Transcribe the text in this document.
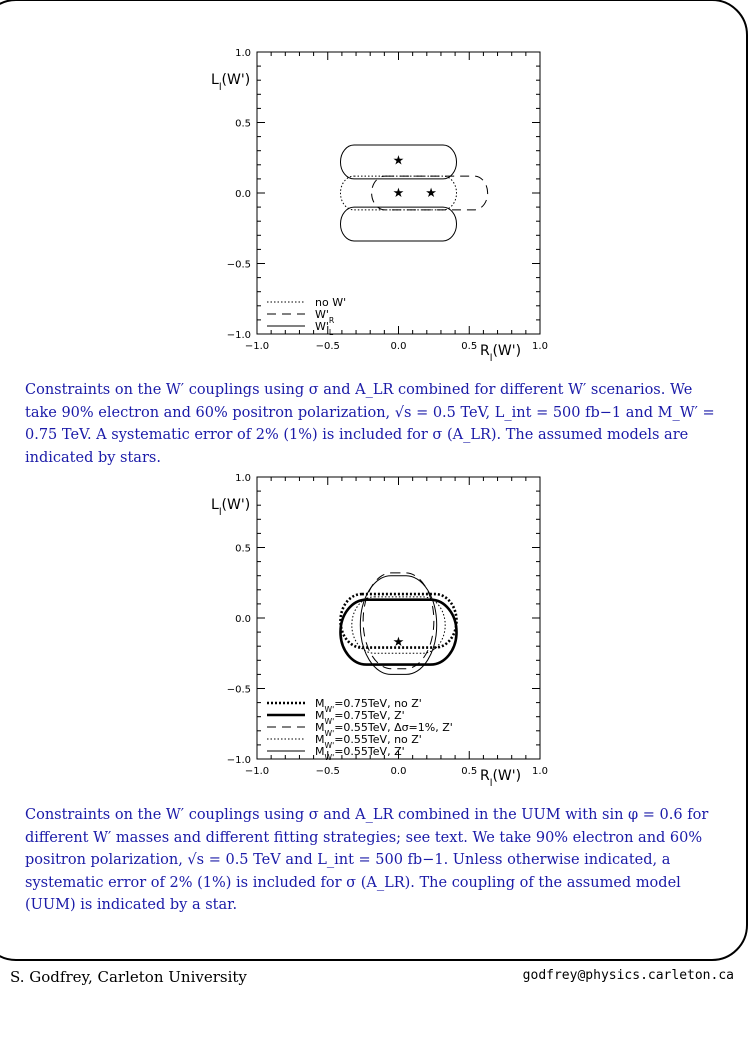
−1.0	−0.5	0.0	0.5	1.0
1.0
0.5
0.0
−0.5
−1.0
$R_l(W')$
$L_l(W')$
★
★ ★
no W'
$W'_R$
$W'_L$

Constraints on the W′ couplings using σ and A_LR combined for different W′ scenarios. We take 90% electron and 60% positron polarization, √s = 0.5 TeV, L_int = 500 fb−1 and M_W′ = 0.75 TeV. A systematic error of 2% (1%) is included for σ (A_LR). The assumed models are indicated by stars.

−1.0	−0.5	0.0	0.5	1.0
1.0
0.5
0.0
−0.5
−1.0
$R_l(W')$
$L_l(W')$
★
$M_{W'}=0.75TeV$, no Z'
$M_{W'}=0.75TeV$, Z'
$M_{W'}=0.55TeV$, Δσ=1%, Z'
$M_{W'}=0.55TeV$, no Z'
$M_{W'}=0.55TeV$, Z'

Constraints on the W′ couplings using σ and A_LR combined in the UUM with sin φ = 0.6 for different W′ masses and different fitting strategies; see text. We take 90% electron and 60% positron polarization, √s = 0.5 TeV and L_int = 500 fb−1. Unless otherwise indicated, a systematic error of 2% (1%) is included for σ (A_LR). The coupling of the assumed model (UUM) is indicated by a star.

S. Godfrey, Carleton University	godfrey@physics.carleton.ca
